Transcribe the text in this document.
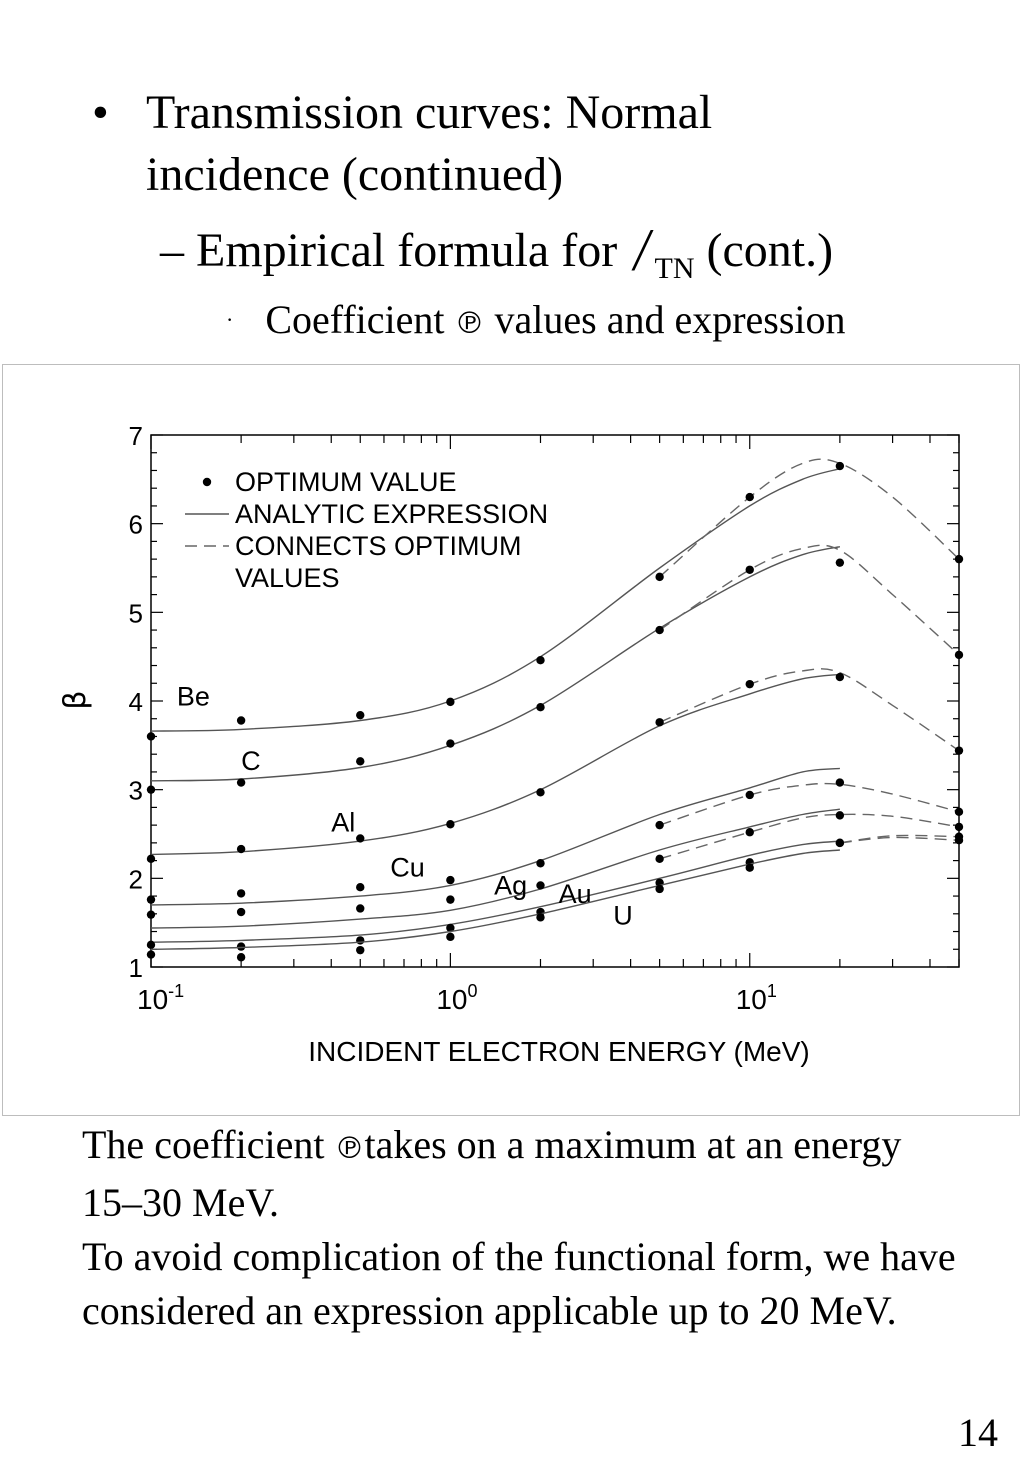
• Transmission curves: Normal incidence (continued)
– Empirical formula for / $_{TN}$ (cont.)
· Coefficient ℗ values and expression
1
2
3
4
5
6
7
$10^{-1}$	$10^0$	$10^1$
INCIDENT ELECTRON ENERGY (MeV)
β	Be
C
Al
Cu
Ag Au
U
OPTIMUM VALUE
ANALYTIC EXPRESSION
CONNECTS OPTIMUM
VALUES

The coefficient ℗takes on a maximum at an energy 15–30 MeV.

To avoid complication of the functional form, we have considered an expression applicable up to 20 MeV.

14
